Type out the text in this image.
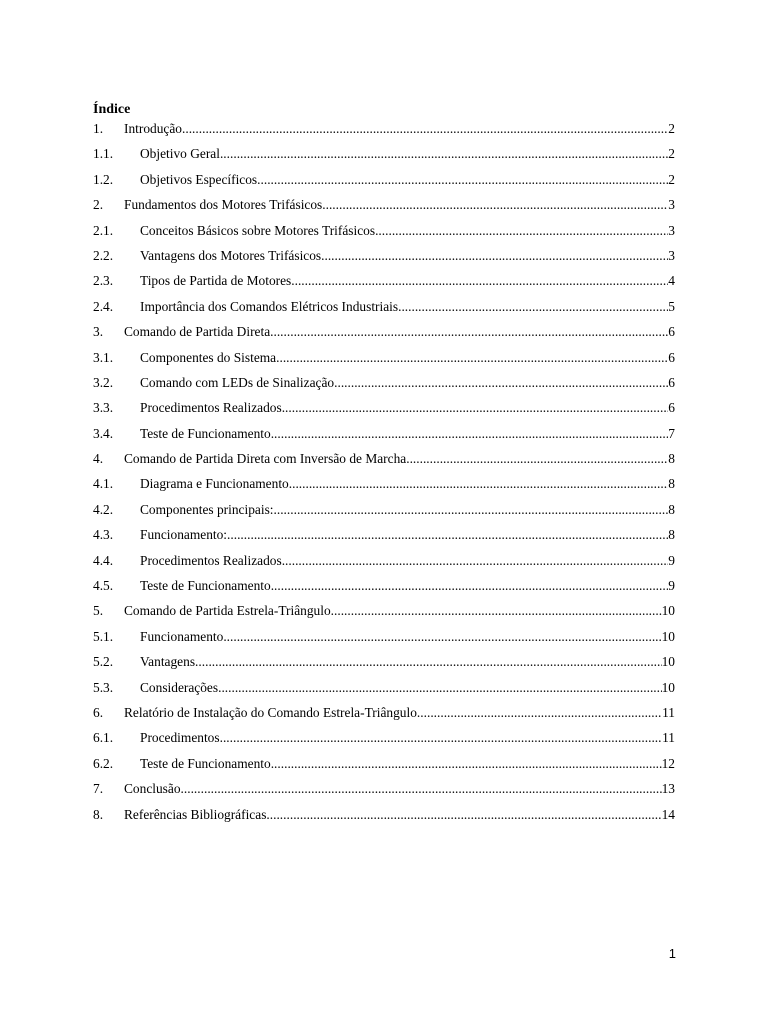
Índice
1.	Introdução .....	2
1.1.	Objetivo Geral .....	2
1.2.	Objetivos Específicos .....	2
2.	Fundamentos dos Motores Trifásicos .....	3
2.1.	Conceitos Básicos sobre Motores Trifásicos .....	3
2.2.	Vantagens dos Motores Trifásicos .....	3
2.3.	Tipos de Partida de Motores .....	4
2.4.	Importância dos Comandos Elétricos Industriais .....	5
3.	Comando de Partida Direta .....	6
3.1.	Componentes do Sistema .....	6
3.2.	Comando com LEDs de Sinalização .....	6
3.3.	Procedimentos Realizados .....	6
3.4.	Teste de Funcionamento .....	7
4.	Comando de Partida Direta com Inversão de Marcha .....	8
4.1.	Diagrama e Funcionamento .....	8
4.2.	Componentes principais: .....	8
4.3.	Funcionamento: .....	8
4.4.	Procedimentos Realizados .....	9
4.5.	Teste de Funcionamento .....	9
5.	Comando de Partida Estrela-Triângulo .....	10
5.1.	Funcionamento .....	10
5.2.	Vantagens .....	10
5.3.	Considerações .....	10
6.	Relatório de Instalação do Comando Estrela-Triângulo .....	11
6.1.	Procedimentos .....	11
6.2.	Teste de Funcionamento .....	12
7.	Conclusão .....	13
8.	Referências Bibliográficas .....	14
1
